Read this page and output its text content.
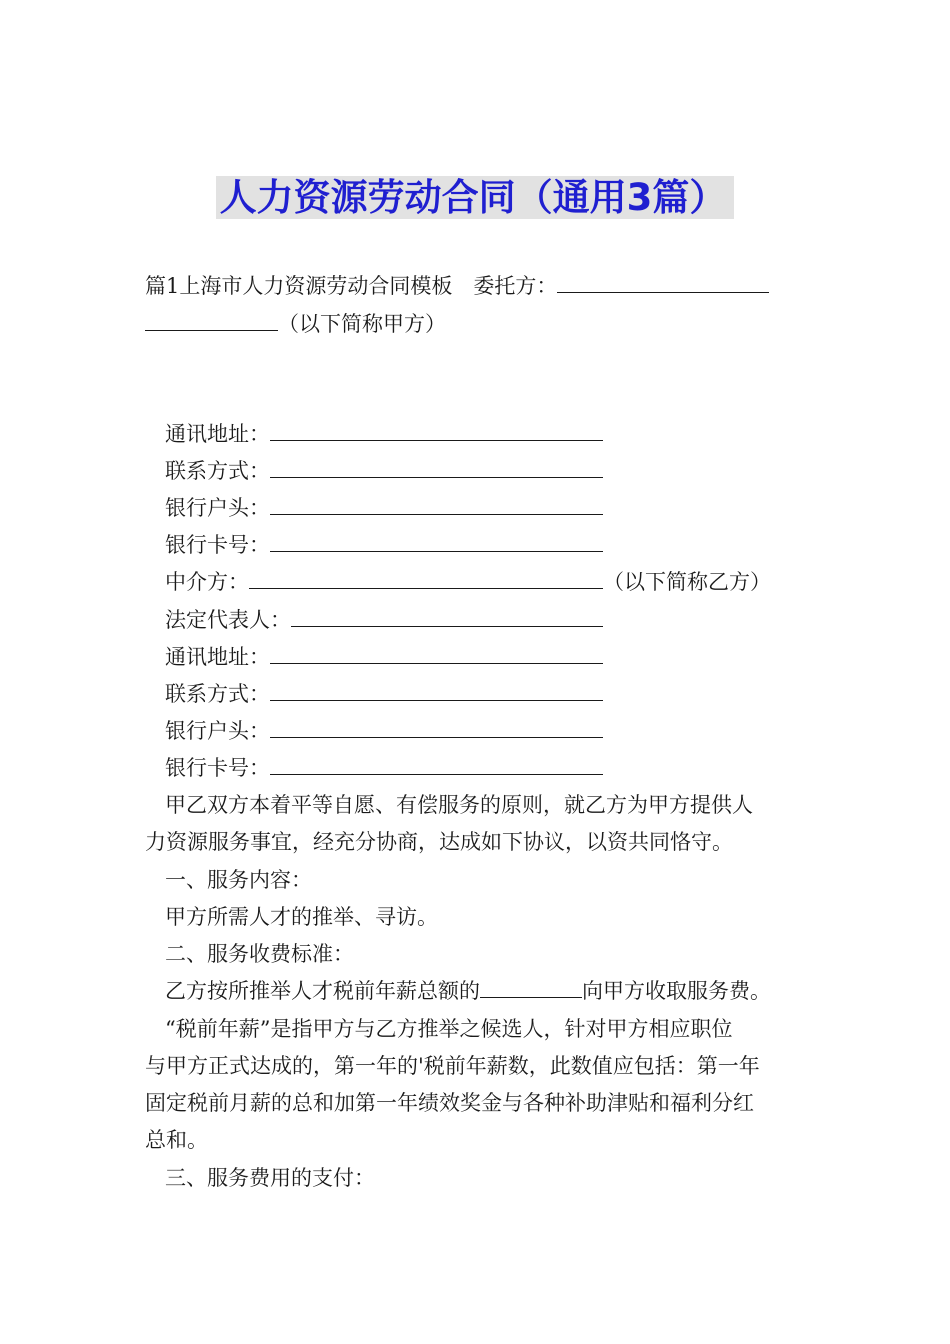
人力资源劳动合同（通用3篇）
篇1上海市人力资源劳动合同模板　委托方：
（以下简称甲方）
通讯地址：
联系方式：
银行户头：
银行卡号：
中介方：	（以下简称乙方）
法定代表人：
通讯地址：
联系方式：
银行户头：
银行卡号：
甲乙双方本着平等自愿、有偿服务的原则，就乙方为甲方提供人
力资源服务事宜，经充分协商，达成如下协议，以资共同恪守。
一、服务内容：
甲方所需人才的推举、寻访。
二、服务收费标准：
乙方按所推举人才税前年薪总额的	向甲方收取服务费。
“税前年薪”是指甲方与乙方推举之候选人，针对甲方相应职位
与甲方正式达成的，第一年的'税前年薪数，此数值应包括：第一年
固定税前月薪的总和加第一年绩效奖金与各种补助津贴和福利分红
总和。
三、服务费用的支付：
